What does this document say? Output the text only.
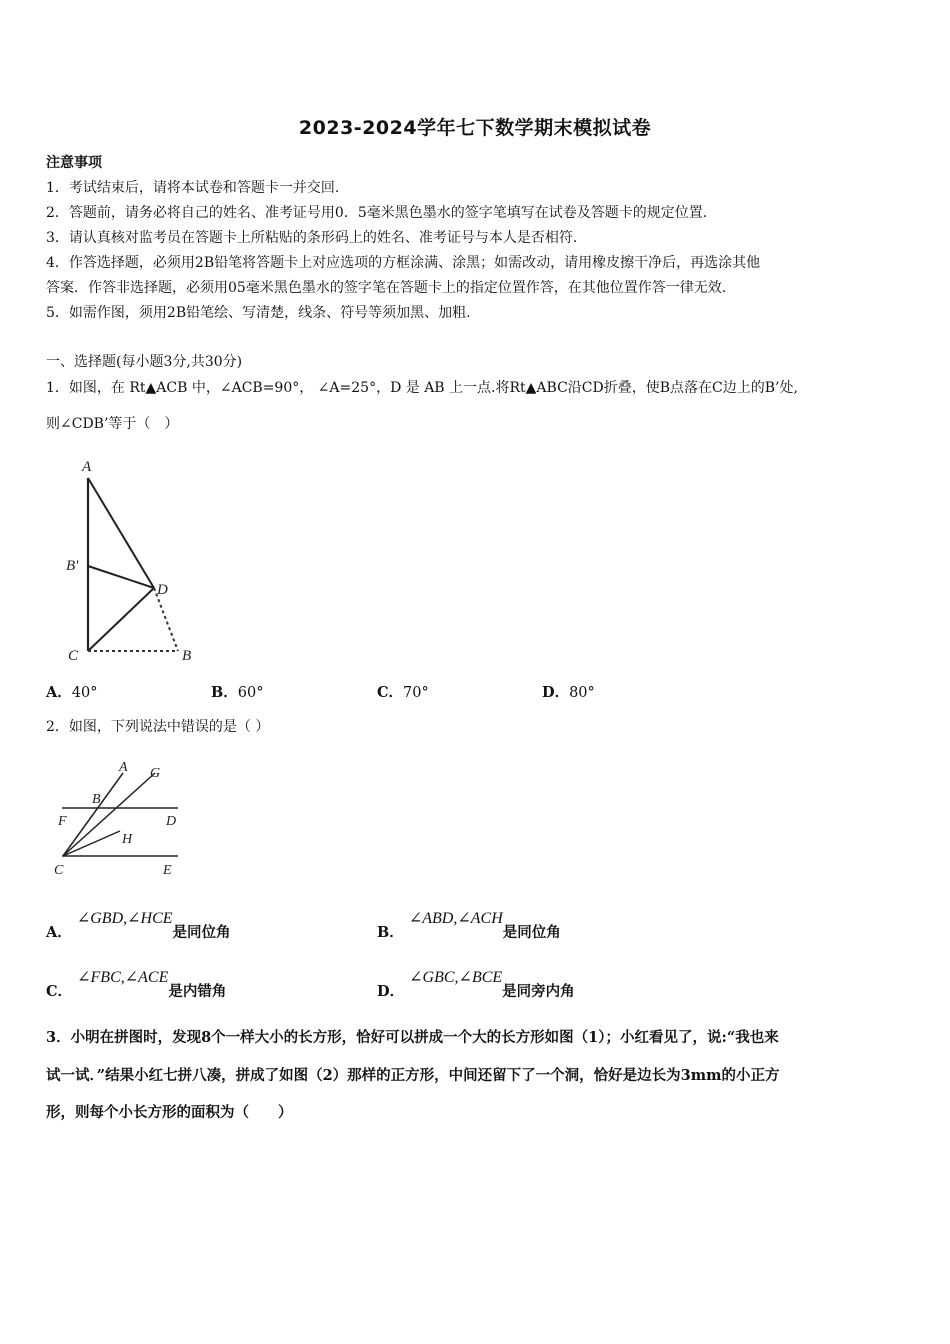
2023-2024学年七下数学期末模拟试卷
注意事项
1．考试结束后，请将本试卷和答题卡一并交回.
2．答题前，请务必将自己的姓名、准考证号用0．5毫米黑色墨水的签字笔填写在试卷及答题卡的规定位置.
3．请认真核对监考员在答题卡上所粘贴的条形码上的姓名、准考证号与本人是否相符.
4．作答选择题，必须用2B铅笔将答题卡上对应选项的方框涂满、涂黑；如需改动，请用橡皮擦干净后，再选涂其他
答案．作答非选择题，必须用05毫米黑色墨水的签字笔在答题卡上的指定位置作答，在其他位置作答一律无效.
5．如需作图，须用2B铅笔绘、写清楚，线条、符号等须加黑、加粗.
一、选择题(每小题3分,共30分)
1．如图，在 Rt▲ACB 中，∠ACB=90°， ∠A=25°，D 是 AB 上一点.将Rt▲ABC沿CD折叠，使B点落在C边上的B’处,
则∠CDB’等于（　）
A
B'
D
C	B
A．40°	B．60°	C．70°	D．80°
2．如图，下列说法中错误的是（ ）
A G
B
F	D
H
C	E
A． ∠GBD,∠HCE是同位角	B． ∠ABD,∠ACH是同位角
C． ∠FBC,∠ACE是内错角	D． ∠GBC,∠BCE是同旁内角
3．小明在拼图时，发现8个一样大小的长方形，恰好可以拼成一个大的长方形如图（1）；小红看见了，说:“我也来
试一试．”结果小红七拼八凑，拼成了如图（2）那样的正方形，中间还留下了一个洞，恰好是边长为3mm的小正方
形，则每个小长方形的面积为（　　）
